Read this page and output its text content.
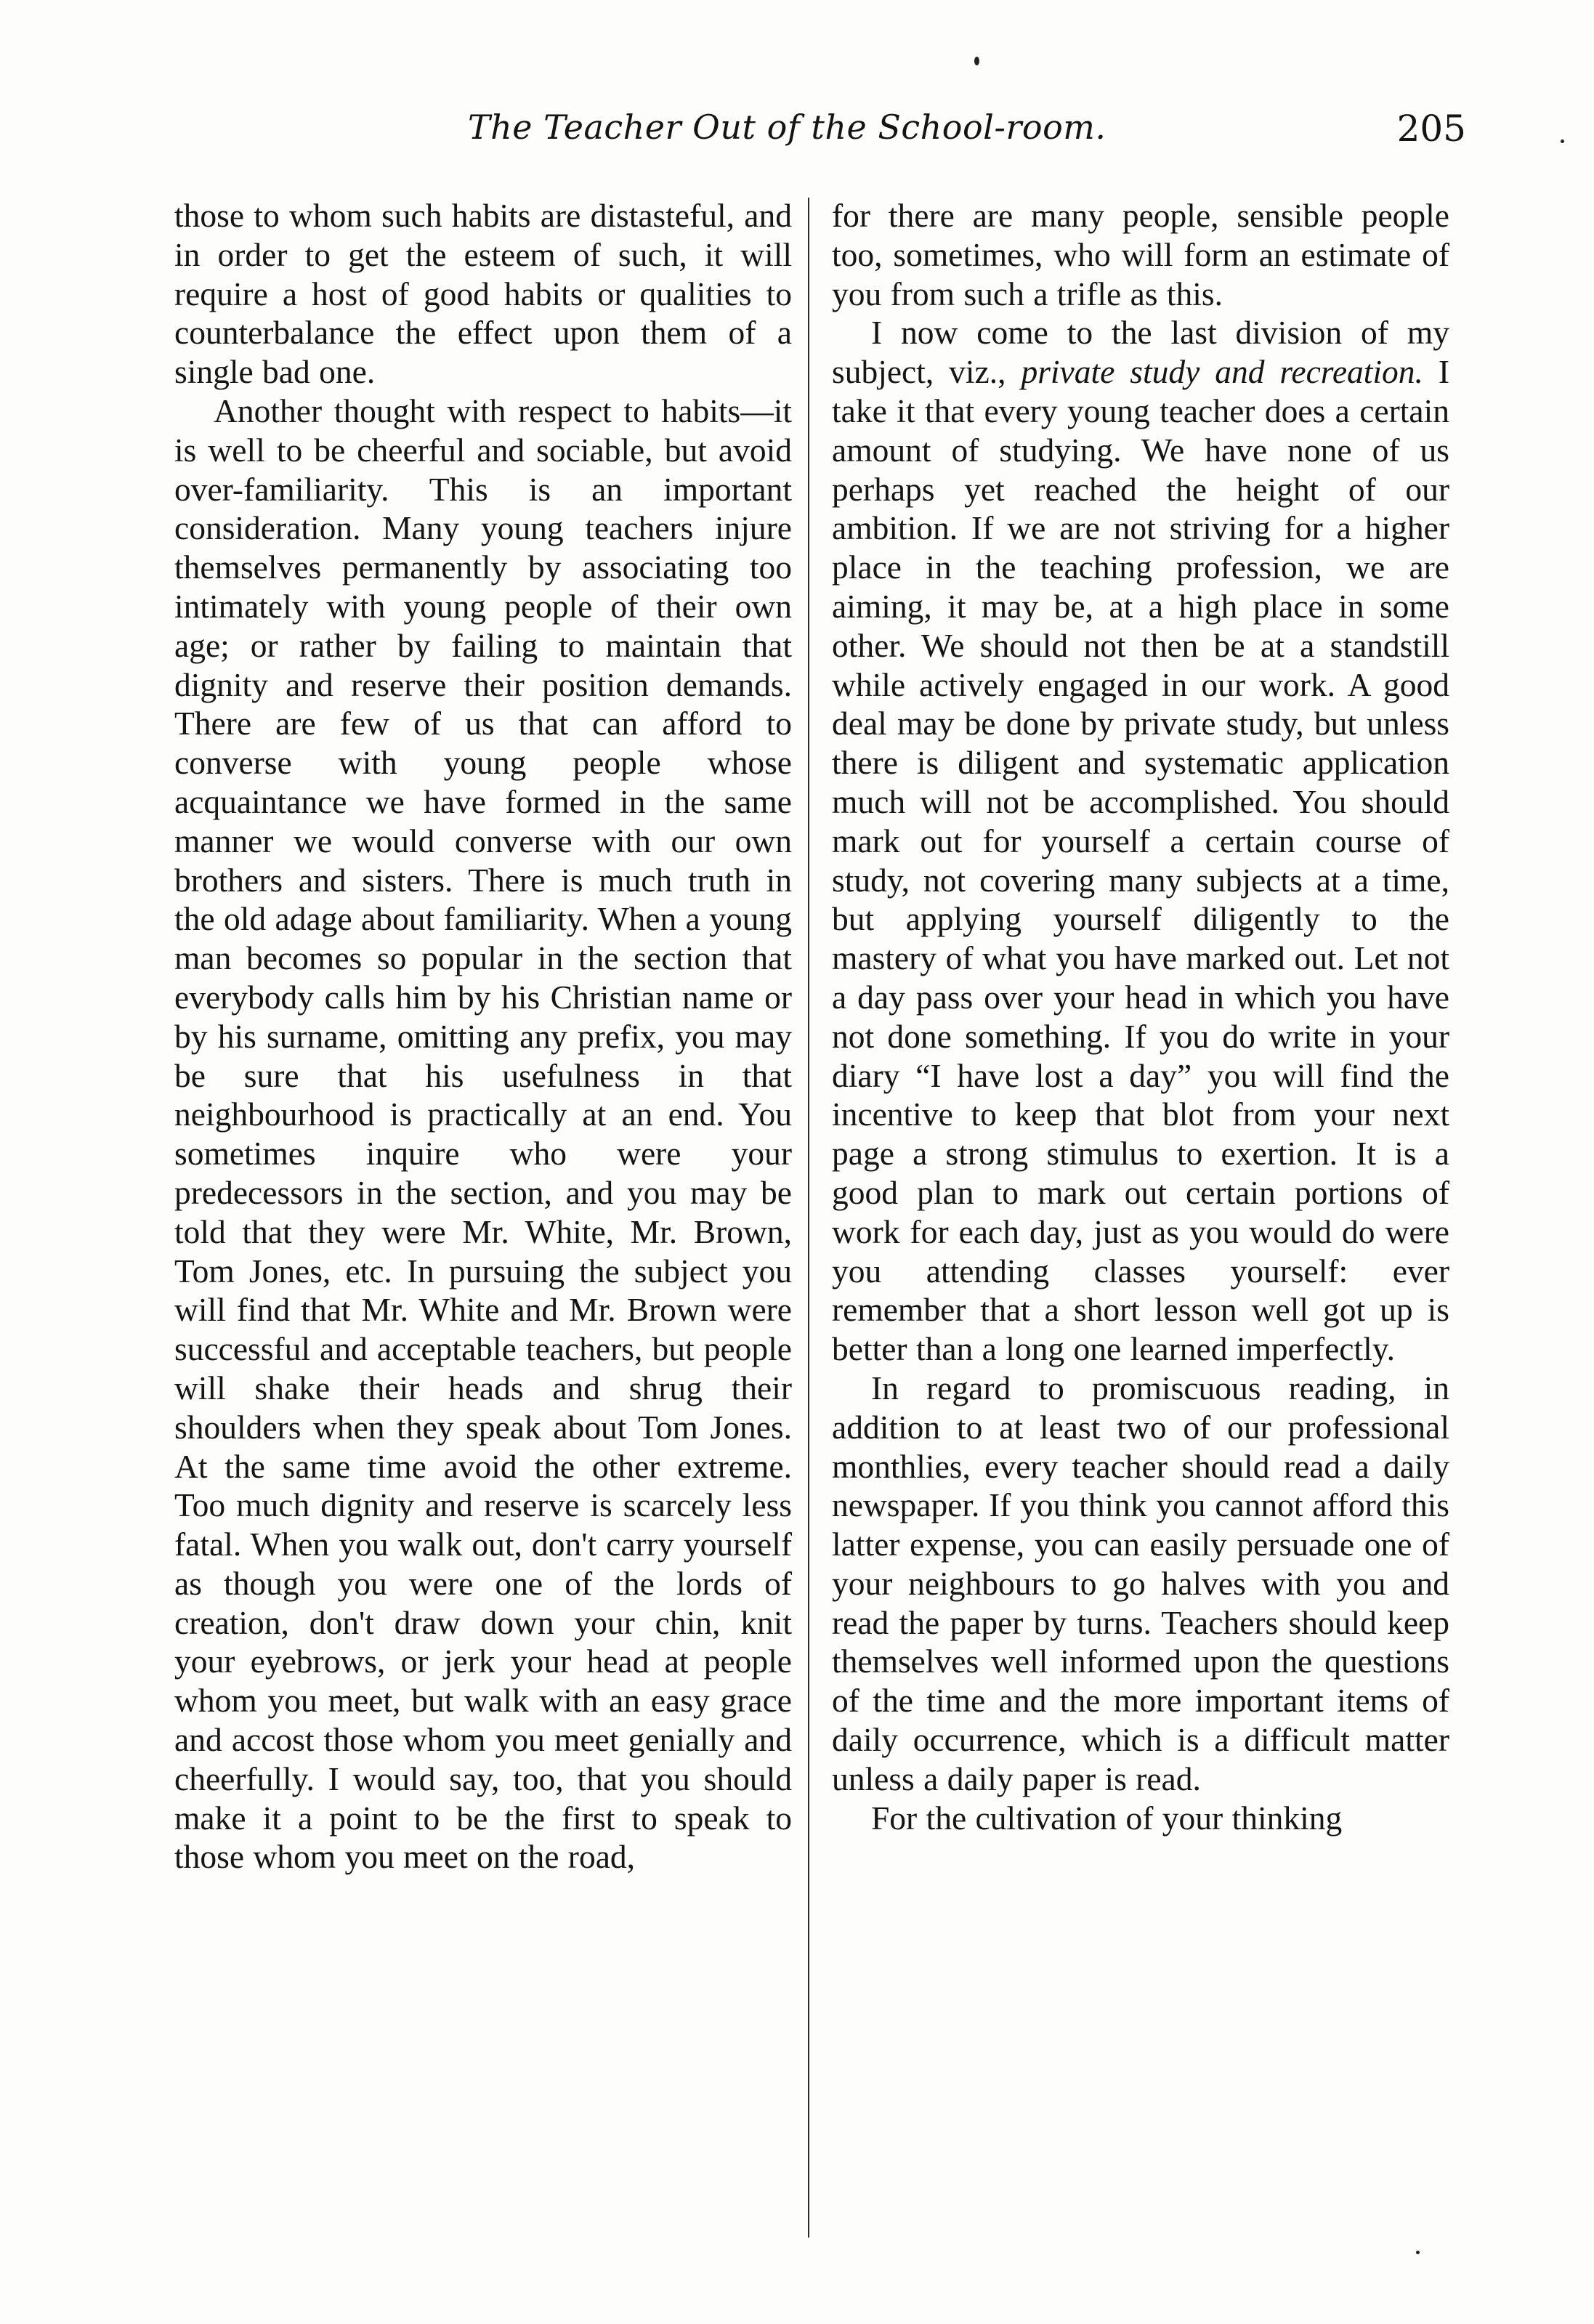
The Teacher Out of the School-room.	205

those to whom such habits are distasteful, and in order to get the esteem of such, it will require a host of good habits or qualities to counterbalance the effect upon them of a single bad one.

Another thought with respect to habits—it is well to be cheerful and sociable, but avoid over-familiarity. This is an important consideration. Many young teachers injure themselves permanently by associating too intimately with young people of their own age; or rather by failing to maintain that dignity and reserve their position demands. There are few of us that can afford to converse with young people whose acquaintance we have formed in the same manner we would converse with our own brothers and sisters. There is much truth in the old adage about familiarity. When a young man becomes so popular in the section that everybody calls him by his Christian name or by his surname, omitting any prefix, you may be sure that his usefulness in that neighbourhood is practically at an end. You sometimes inquire who were your predecessors in the section, and you may be told that they were Mr. White, Mr. Brown, Tom Jones, etc. In pursuing the subject you will find that Mr. White and Mr. Brown were successful and acceptable teachers, but people will shake their heads and shrug their shoulders when they speak about Tom Jones. At the same time avoid the other extreme. Too much dignity and reserve is scarcely less fatal. When you walk out, don't carry yourself as though you were one of the lords of creation, don't draw down your chin, knit your eyebrows, or jerk your head at people whom you meet, but walk with an easy grace and accost those whom you meet genially and cheerfully. I would say, too, that you should make it a point to be the first to speak to those whom you meet on the road,

for there are many people, sensible people too, sometimes, who will form an estimate of you from such a trifle as this.

I now come to the last division of my subject, viz., private study and recreation. I take it that every young teacher does a certain amount of studying. We have none of us perhaps yet reached the height of our ambition. If we are not striving for a higher place in the teaching profession, we are aiming, it may be, at a high place in some other. We should not then be at a standstill while actively engaged in our work. A good deal may be done by private study, but unless there is diligent and systematic application much will not be accomplished. You should mark out for yourself a certain course of study, not covering many subjects at a time, but applying yourself diligently to the mastery of what you have marked out. Let not a day pass over your head in which you have not done something. If you do write in your diary “I have lost a day” you will find the incentive to keep that blot from your next page a strong stimulus to exertion. It is a good plan to mark out certain portions of work for each day, just as you would do were you attending classes yourself: ever remember that a short lesson well got up is better than a long one learned imperfectly.

In regard to promiscuous reading, in addition to at least two of our professional monthlies, every teacher should read a daily newspaper. If you think you cannot afford this latter expense, you can easily persuade one of your neighbours to go halves with you and read the paper by turns. Teachers should keep themselves well informed upon the questions of the time and the more important items of daily occurrence, which is a difficult matter unless a daily paper is read.

For the cultivation of your thinking
